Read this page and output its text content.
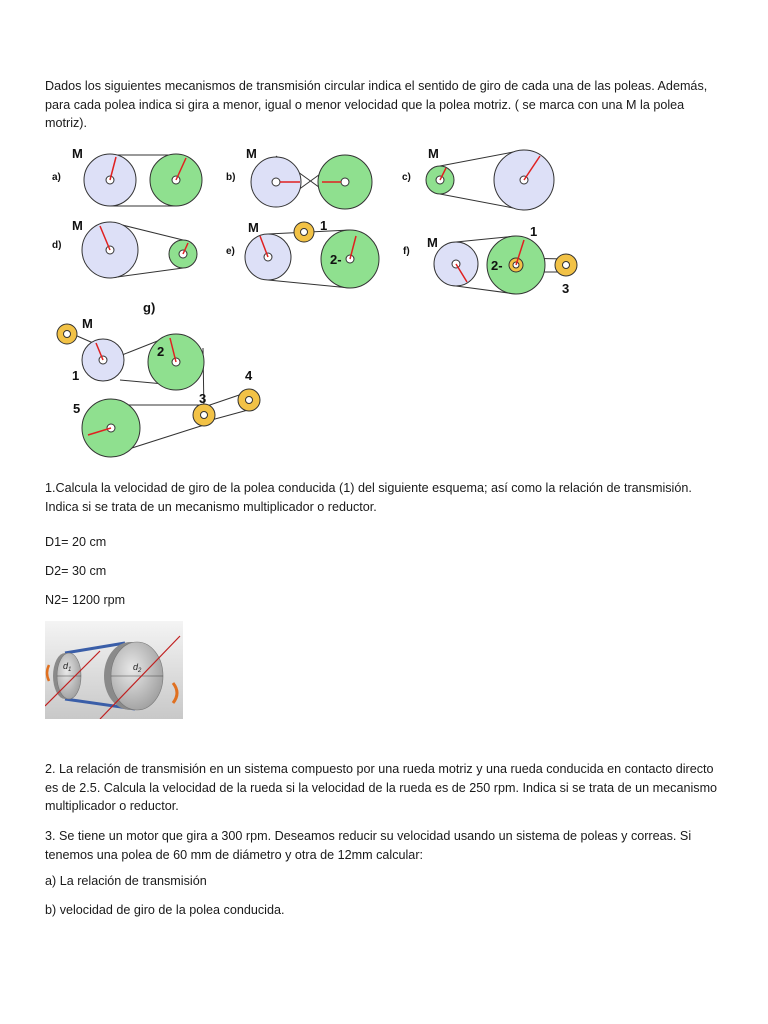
Dados los siguientes mecanismos de transmisión circular indica el sentido de giro de cada una de las poleas. Además, para cada polea indica si gira a menor, igual o menor velocidad que la polea motriz. ( se marca con una M la polea motriz).

a)
M
b)
M
c)
M
d)
M
e)
M	1
2-
f)
M
2-
1
3
g)
M
1
2
5
3
4

1.Calcula la velocidad de giro de la polea conducida (1) del siguiente esquema; así como la relación de transmisión. Indica si se trata de un mecanismo multiplicador o reductor.

D1= 20 cm

D2= 30 cm

N2= 1200 rpm

$d_1$	$d_2$

2. La relación de transmisión en un sistema compuesto por una rueda motriz y una rueda conducida en contacto directo es de 2.5. Calcula la velocidad de la rueda si la velocidad de la rueda es de 250 rpm. Indica si se trata de un mecanismo multiplicador o reductor.

3. Se tiene un motor que gira a 300 rpm. Deseamos reducir su velocidad usando un sistema de poleas y correas. Si tenemos una polea de 60 mm de diámetro y otra de 12mm calcular:

a) La relación de transmisión

b) velocidad de giro de la polea conducida.
